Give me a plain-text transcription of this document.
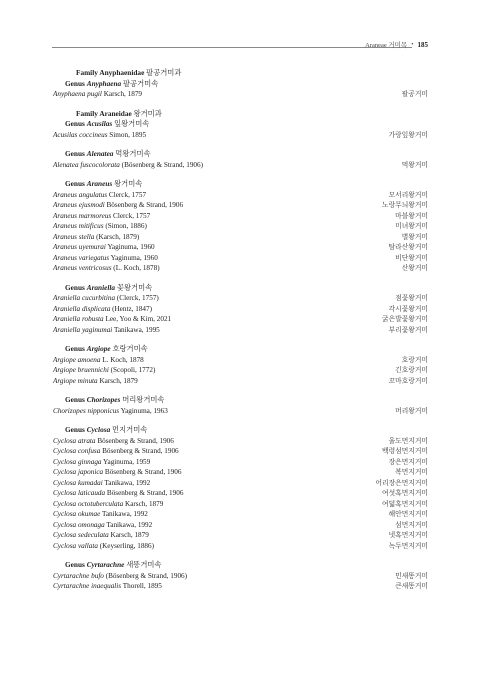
Araneae 거미목 • 185
Family Anyphaenidae 팔공거미과
Genus Anyphaena 팔공거미속
Anyphaena pugil Karsch, 1879	팔공거미
Family Araneidae 왕거미과
Genus Acusilas 잎왕거미속
Acusilas coccineus Simon, 1895	가랑잎왕거미
Genus Alenatea 먹왕거미속
Alenatea fuscocolorata (Bösenberg & Strand, 1906)	먹왕거미
Genus Araneus 왕거미속
Araneus angulatus Clerck, 1757	모서리왕거미
Araneus ejusmodi Bösenberg & Strand, 1906	노랑무늬왕거미
Araneus marmoreus Clerck, 1757	마블왕거미
Araneus mitificus (Simon, 1886)	미녀왕거미
Araneus stella (Karsch, 1879)	별왕거미
Araneus uyemurai Yaginuma, 1960	탐라산왕거미
Araneus variegatus Yaginuma, 1960	비단왕거미
Araneus ventricosus (L. Koch, 1878)	산왕거미
Genus Araniella 꽃왕거미속
Araniella cucurbitina (Clerck, 1757)	점꽃왕거미
Araniella displicata (Hentz, 1847)	각시꽃왕거미
Araniella robusta Lee, Yoo & Kim, 2021	굵은발꽃왕거미
Araniella yaginumai Tanikawa, 1995	부리꽃왕거미
Genus Argiope 호랑거미속
Argiope amoena L. Koch, 1878	호랑거미
Argiope bruennichi (Scopoli, 1772)	긴호랑거미
Argiope minuta Karsch, 1879	꼬마호랑거미
Genus Chorizopes 머리왕거미속
Chorizopes nipponicus Yaginuma, 1963	머리왕거미
Genus Cyclosa 먼지거미속
Cyclosa atrata Bösenberg & Strand, 1906	울도먼지거미
Cyclosa confusa Bösenberg & Strand, 1906	백령섬먼지거미
Cyclosa ginnaga Yaginuma, 1959	장은먼지거미
Cyclosa japonica Bösenberg & Strand, 1906	복먼지거미
Cyclosa kumadai Tanikawa, 1992	어리장은먼지거미
Cyclosa laticauda Bösenberg & Strand, 1906	여섯혹먼지거미
Cyclosa octotuberculata Karsch, 1879	여덟혹먼지거미
Cyclosa okumae Tanikawa, 1992	해안먼지거미
Cyclosa omonaga Tanikawa, 1992	섬먼지거미
Cyclosa sedeculata Karsch, 1879	넷혹먼지거미
Cyclosa vallata (Keyserling, 1886)	녹두먼지거미
Genus Cyrtarachne 새똥거미속
Cyrtarachne bufo (Bösenberg & Strand, 1906)	민새똥거미
Cyrtarachne inaequalis Thorell, 1895	큰새똥거미
